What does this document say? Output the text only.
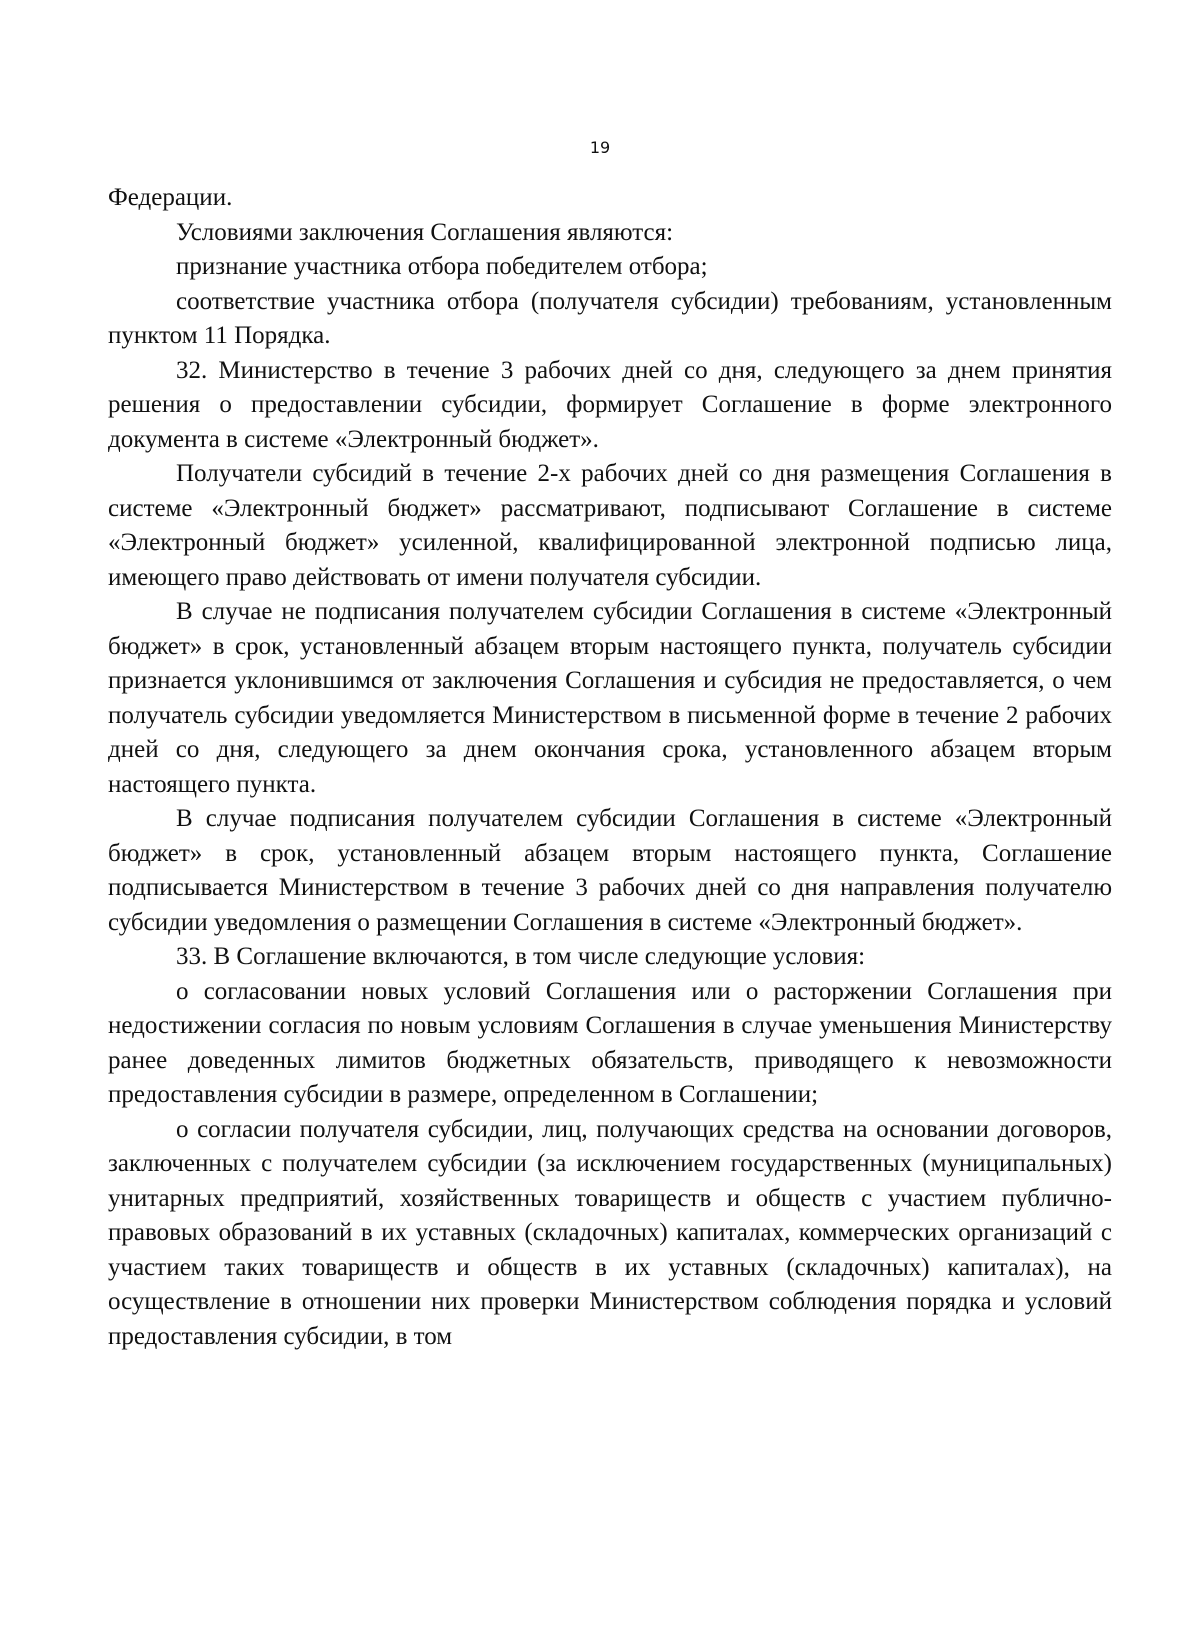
19

Федерации.

Условиями заключения Соглашения являются:

признание участника отбора победителем отбора;

соответствие участника отбора (получателя субсидии) требованиям, установленным пунктом 11 Порядка.

32. Министерство в течение 3 рабочих дней со дня, следующего за днем принятия решения о предоставлении субсидии, формирует Соглашение в форме электронного документа в системе «Электронный бюджет».

Получатели субсидий в течение 2-х рабочих дней со дня размещения Соглашения в системе «Электронный бюджет» рассматривают, подписывают Соглашение в системе «Электронный бюджет» усиленной, квалифицированной электронной подписью лица, имеющего право действовать от имени получателя субсидии.

В случае не подписания получателем субсидии Соглашения в системе «Электронный бюджет» в срок, установленный абзацем вторым настоящего пункта, получатель субсидии признается уклонившимся от заключения Соглашения и субсидия не предоставляется, о чем получатель субсидии уведомляется Министерством в письменной форме в течение 2 рабочих дней со дня, следующего за днем окончания срока, установленного абзацем вторым настоящего пункта.

В случае подписания получателем субсидии Соглашения в системе «Электронный бюджет» в срок, установленный абзацем вторым настоящего пункта, Соглашение подписывается Министерством в течение 3 рабочих дней со дня направления получателю субсидии уведомления о размещении Соглашения в системе «Электронный бюджет».

33. В Соглашение включаются, в том числе следующие условия:

о согласовании новых условий Соглашения или о расторжении Соглашения при недостижении согласия по новым условиям Соглашения в случае уменьшения Министерству ранее доведенных лимитов бюджетных обязательств, приводящего к невозможности предоставления субсидии в размере, определенном в Соглашении;

о согласии получателя субсидии, лиц, получающих средства на основании договоров, заключенных с получателем субсидии (за исключением государственных (муниципальных) унитарных предприятий, хозяйственных товариществ и обществ с участием публично-правовых образований в их уставных (складочных) капиталах, коммерческих организаций с участием таких товариществ и обществ в их уставных (складочных) капиталах), на осуществление в отношении них проверки Министерством соблюдения порядка и условий предоставления субсидии, в том
